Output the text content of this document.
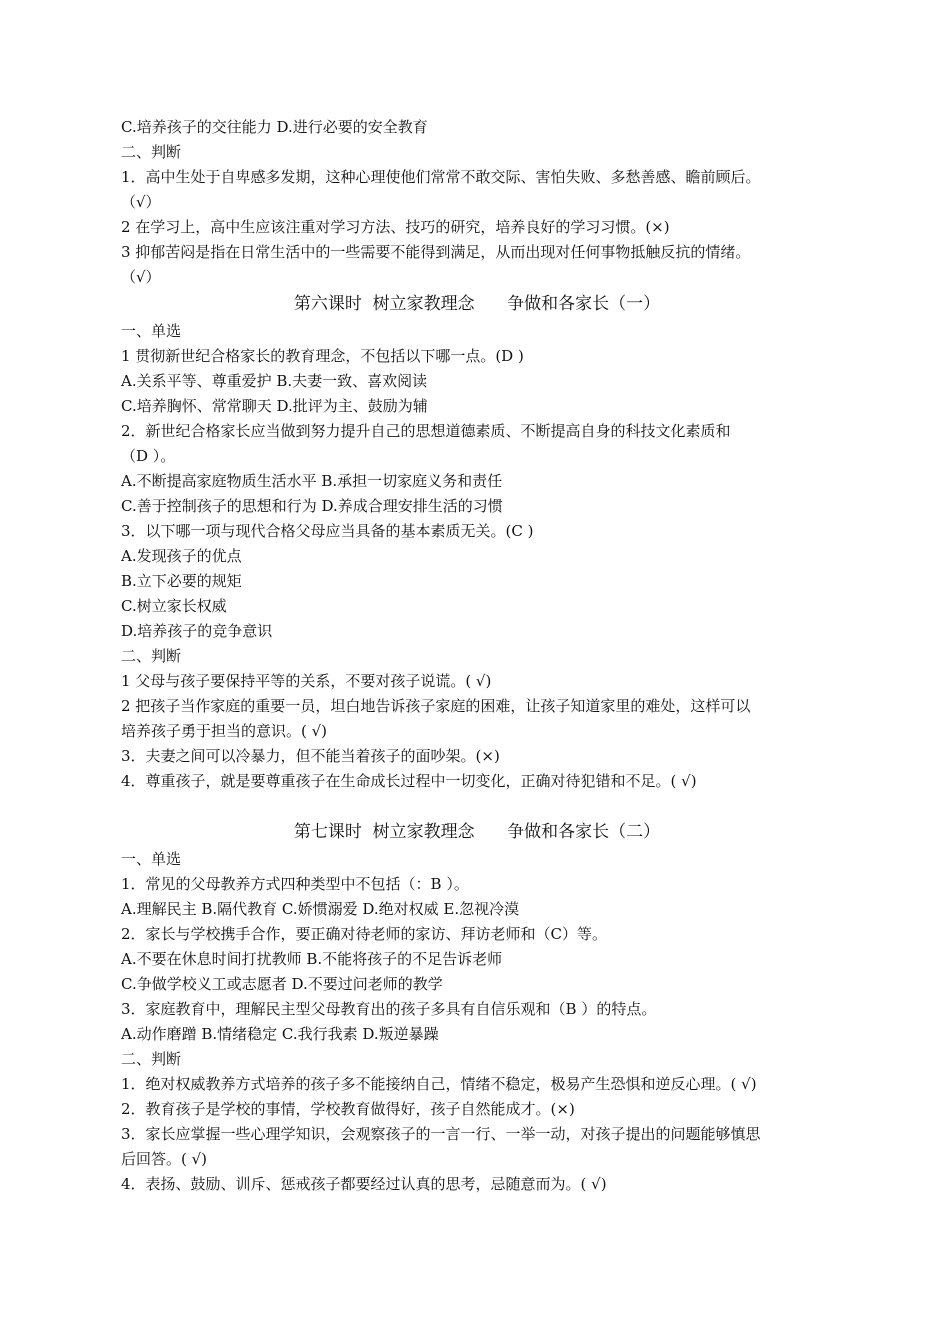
C.培养孩子的交往能力 D.进行必要的安全教育
二、判断
1．高中生处于自卑感多发期，这种心理使他们常常不敢交际、害怕失败、多愁善感、瞻前顾后。
（√）
2 在学习上，高中生应该注重对学习方法、技巧的研究，培养良好的学习习惯。(×)
3 抑郁苦闷是指在日常生活中的一些需要不能得到满足，从而出现对任何事物抵触反抗的情绪。
（√）
第六课时  树立家教理念      争做和各家长（一）
一、单选
1 贯彻新世纪合格家长的教育理念，不包括以下哪一点。(D )
A.关系平等、尊重爱护 B.夫妻一致、喜欢阅读
C.培养胸怀、常常聊天 D.批评为主、鼓励为辅
2．新世纪合格家长应当做到努力提升自己的思想道德素质、不断提高自身的科技文化素质和
（D ）。
A.不断提高家庭物质生活水平 B.承担一切家庭义务和责任
C.善于控制孩子的思想和行为 D.养成合理安排生活的习惯
3．以下哪一项与现代合格父母应当具备的基本素质无关。(C )
A.发现孩子的优点
B.立下必要的规矩
C.树立家长权威
D.培养孩子的竞争意识
二、判断
1 父母与孩子要保持平等的关系，不要对孩子说谎。( √)
2 把孩子当作家庭的重要一员，坦白地告诉孩子家庭的困难，让孩子知道家里的难处，这样可以
培养孩子勇于担当的意识。( √)
3．夫妻之间可以冷暴力，但不能当着孩子的面吵架。(×)
4．尊重孩子，就是要尊重孩子在生命成长过程中一切变化，正确对待犯错和不足。( √)
第七课时  树立家教理念      争做和各家长（二）
一、单选
1．常见的父母教养方式四种类型中不包括（：B ）。
A.理解民主 B.隔代教育 C.娇惯溺爱 D.绝对权威 E.忽视冷漠
2．家长与学校携手合作，要正确对待老师的家访、拜访老师和（C）等。
A.不要在休息时间打扰教师 B.不能将孩子的不足告诉老师
C.争做学校义工或志愿者 D.不要过问老师的教学
3．家庭教育中，理解民主型父母教育出的孩子多具有自信乐观和（B ）的特点。
A.动作磨蹭 B.情绪稳定 C.我行我素 D.叛逆暴躁
二、判断
1．绝对权威教养方式培养的孩子多不能接纳自己，情绪不稳定，极易产生恐惧和逆反心理。( √)
2．教育孩子是学校的事情，学校教育做得好，孩子自然能成才。(×)
3．家长应掌握一些心理学知识，会观察孩子的一言一行、一举一动，对孩子提出的问题能够慎思
后回答。( √)
4．表扬、鼓励、训斥、惩戒孩子都要经过认真的思考，忌随意而为。( √)
